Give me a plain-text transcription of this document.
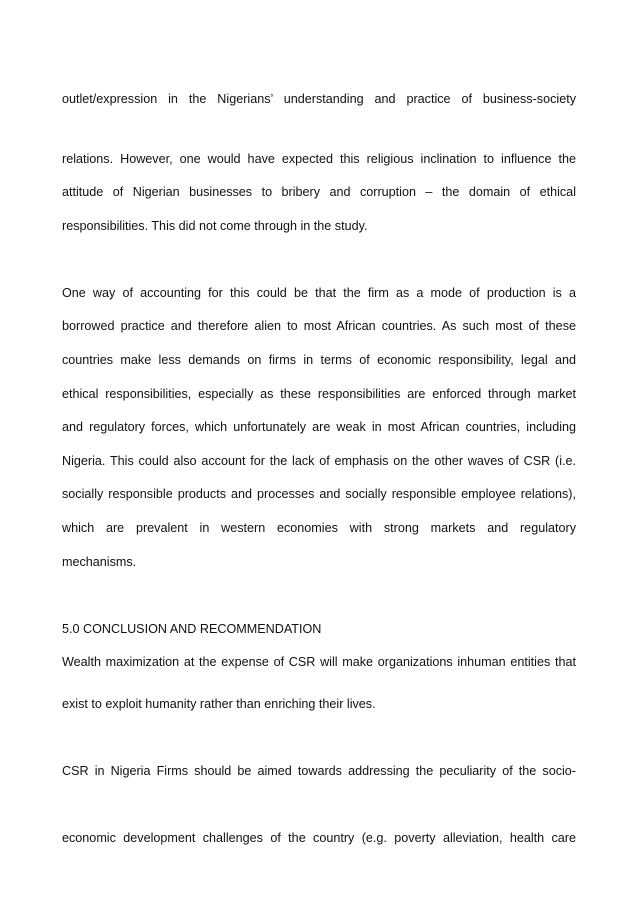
outlet/expression in the Nigerians’ understanding and practice of business-society
relations. However, one would have expected this religious inclination to influence the
attitude of Nigerian businesses to bribery and corruption – the domain of ethical
responsibilities. This did not come through in the study.
One way of accounting for this could be that the firm as a mode of production is a
borrowed practice and therefore alien to most African countries. As such most of these
countries make less demands on firms in terms of economic responsibility, legal and
ethical responsibilities, especially as these responsibilities are enforced through market
and regulatory forces, which unfortunately are weak in most African countries, including
Nigeria. This could also account for the lack of emphasis on the other waves of CSR (i.e.
socially responsible products and processes and socially responsible employee relations),
which are prevalent in western economies with strong markets and regulatory
mechanisms.
5.0 CONCLUSION AND RECOMMENDATION
Wealth maximization at the expense of CSR will make organizations inhuman entities that
exist to exploit humanity rather than enriching their lives.
CSR in Nigeria Firms should be aimed towards addressing the peculiarity of the socio-
economic development challenges of the country (e.g. poverty alleviation, health care
